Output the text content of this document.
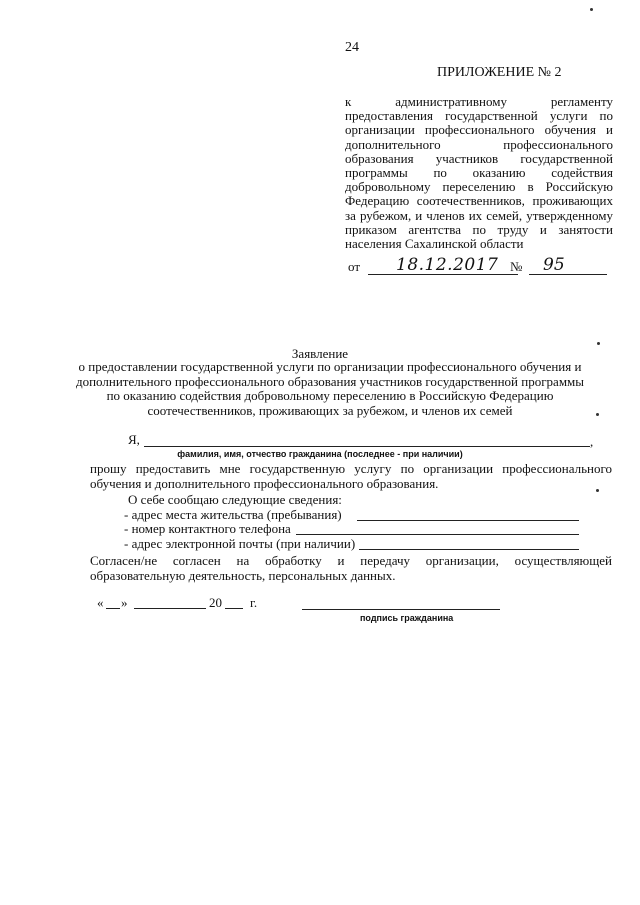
24
ПРИЛОЖЕНИЕ № 2
к	административному	регламенту
предоставления государственной услуги по
организации профессионального обучения и
дополнительного	профессионального
образования участников государственной
программы по оказанию содействия
добровольному переселению в Российскую
Федерацию соотечественников, проживающих
за рубежом, и членов их семей, утвержденному
приказом агентства по труду и занятости
населения Сахалинской области
от 18.12.2017 № 95
Заявление
о предоставлении государственной услуги по организации профессионального обучения и
дополнительного профессионального образования участников государственной программы
по оказанию содействия добровольному переселению в Российскую Федерацию
соотечественников, проживающих за рубежом, и членов их семей
Я,	,
фамилия, имя, отчество гражданина (последнее - при наличии)
прошу предоставить мне государственную услугу по организации профессионального
обучения и дополнительного профессионального образования.
О себе сообщаю следующие сведения:
- адрес места жительства (пребывания)
- номер контактного телефона
- адрес электронной почты (при наличии)
Согласен/не согласен на обработку и передачу организации, осуществляющей
образовательную деятельность, персональных данных.
« »	20 г.
подпись гражданина
